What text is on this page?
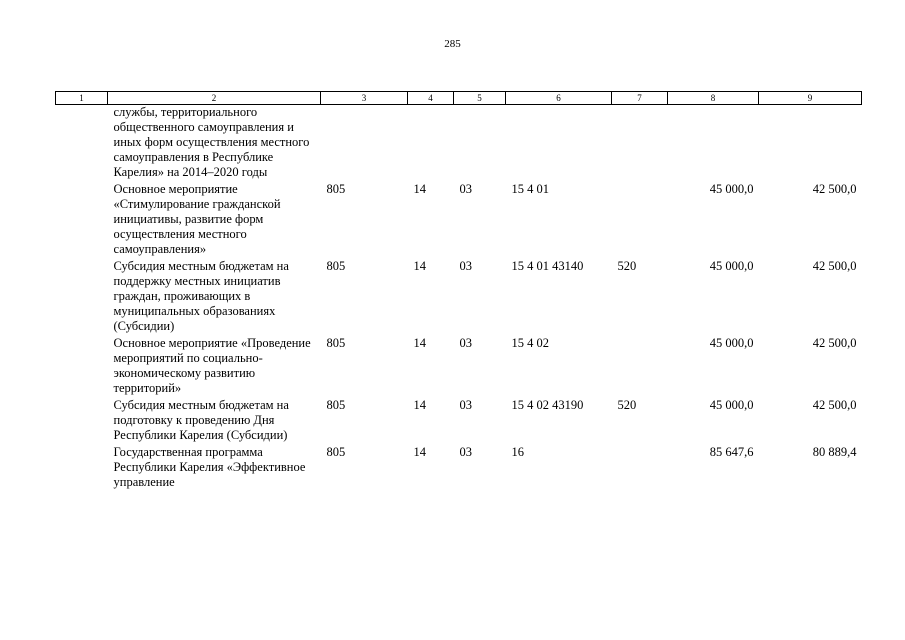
285
1	2	3	4	5	6	7	8	9
	службы, территориального общественного самоуправления и иных форм осуществления местного самоуправления в Республике Карелия» на 2014–2020 годы							
	Основное мероприятие «Стимулирование гражданской инициативы, развитие форм осуществления местного самоуправления»	805	14	03	15 4 01		45 000,0	42 500,0
	Субсидия местным бюджетам на поддержку местных инициатив граждан, проживающих в муниципальных образованиях (Субсидии)	805	14	03	15 4 01 43140	520	45 000,0	42 500,0
	Основное мероприятие «Проведение мероприятий по социально-экономическому развитию территорий»	805	14	03	15 4 02		45 000,0	42 500,0
	Субсидия местным бюджетам на подготовку к проведению Дня Республики Карелия (Субсидии)	805	14	03	15 4 02 43190	520	45 000,0	42 500,0
	Государственная программа Республики Карелия «Эффективное управление	805	14	03	16		85 647,6	80 889,4
